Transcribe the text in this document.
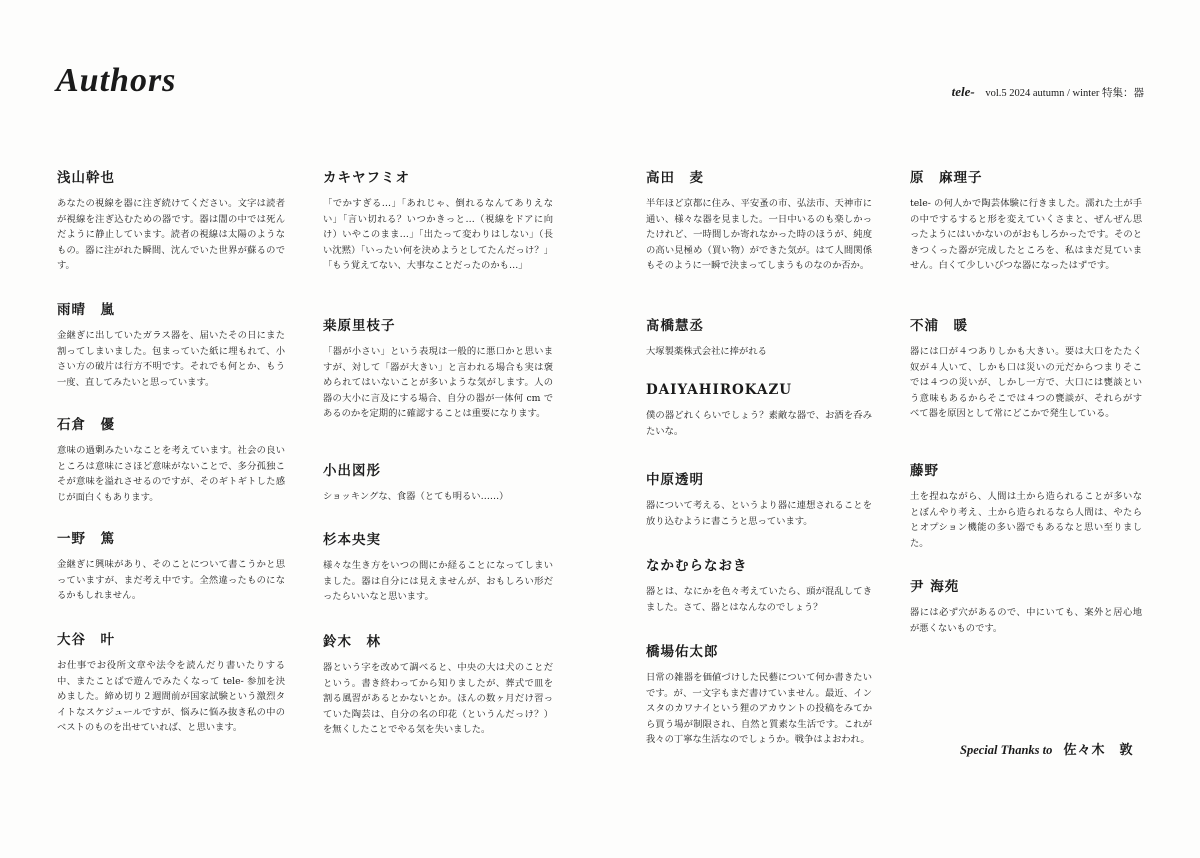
Authors	tele- vol.5 2024 autumn / winter 特集：器
浅山幹也

あなたの視線を器に注ぎ続けてください。文字は読者が視線を注ぎ込むための器です。器は闇の中では死んだように静止しています。読者の視線は太陽のようなもの。器に注がれた瞬間、沈んでいた世界が蘇るのです。

雨晴　嵐

金継ぎに出していたガラス器を、届いたその日にまた割ってしまいました。包まっていた紙に埋もれて、小さい方の破片は行方不明です。それでも何とか、もう一度、直してみたいと思っています。

石倉　優

意味の過剰みたいなことを考えています。社会の良いところは意味にさほど意味がないことで、多分孤独こそが意味を溢れさせるのですが、そのギトギトした感じが面白くもあります。

一野　篤

金継ぎに興味があり、そのことについて書こうかと思っていますが、まだ考え中です。全然違ったものになるかもしれません。

大谷　叶

お仕事でお役所文章や法令を読んだり書いたりする中、またことばで遊んでみたくなって tele- 参加を決めました。締め切り２週間前が国家試験という激烈タイトなスケジュールですが、悩みに悩み抜き私の中のベストのものを出せていれば、と思います。

カキヤフミオ

「でかすぎる…」「あれじゃ、倒れるなんてありえない」「言い切れる？いつかきっと…（視線をドアに向け）いやこのまま…」「出たって変わりはしない」（長い沈黙）「いったい何を決めようとしてたんだっけ？」「もう覚えてない、大事なことだったのかも…」

桒原里枝子

「器が小さい」という表現は一般的に悪口かと思いますが、対して「器が大きい」と言われる場合も実は褒められてはいないことが多いような気がします。人の器の大小に言及にする場合、自分の器が一体何 cm であるのかを定期的に確認することは重要になります。

小出図彤

ショッキングな、食器（とても明るい……）

杉本央実

様々な生き方をいつの間にか経ることになってしまいました。器は自分には見えませんが、おもしろい形だったらいいなと思います。

鈴木　林

器という字を改めて調べると、中央の大は犬のことだという。書き終わってから知りましたが、葬式で皿を割る風習があるとかないとか。ほんの数ヶ月だけ習っていた陶芸は、自分の名の印花（というんだっけ？）を無くしたことでやる気を失いました。

高田　麦

半年ほど京都に住み、平安蚤の市、弘法市、天神市に通い、様々な器を見ました。一日中いるのも楽しかったけれど、一時間しか寄れなかった時のほうが、純度の高い見極め（買い物）ができた気が。はて人間関係もそのように一瞬で決まってしまうものなのか否か。

髙橋慧丞

大塚製薬株式会社に捧がれる

DAIYAHIROKAZU

僕の器どれくらいでしょう？素敵な器で、お酒を呑みたいな。

中原透明

器について考える、というより器に連想されることを放り込むように書こうと思っています。

なかむらなおき

器とは、なにかを色々考えていたら、頭が混乱してきました。さて、器とはなんなのでしょう？

橋場佑太郎

日常の雑器を価値づけした民藝について何か書きたいです。が、一文字もまだ書けていません。最近、インスタのカワナイという狸のアカウントの投稿をみてから買う場が制限され、自然と質素な生活です。これが我々の丁寧な生活なのでしょうか。戦争はよおわれ。

原　麻理子

tele- の何人かで陶芸体験に行きました。濡れた土が手の中でするすると形を変えていくさまと、ぜんぜん思ったようにはいかないのがおもしろかったです。そのときつくった器が完成したところを、私はまだ見ていません。白くて少しいびつな器になったはずです。

不浦　暖

器には口が４つありしかも大きい。要は大口をたたく奴が４人いて、しかも口は災いの元だからつまりそこでは４つの災いが、しかし一方で、大口には甕談という意味もあるからそこでは４つの甕談が、それらがすべて器を原因として常にどこかで発生している。

藤野

土を捏ねながら、人間は土から造られることが多いなとぼんやり考え、土から造られるなら人間は、やたらとオプション機能の多い器でもあるなと思い至りました。

尹 海苑

器には必ず穴があるので、中にいても、案外と居心地が悪くないものです。

Special Thanks to 佐々木　敦
